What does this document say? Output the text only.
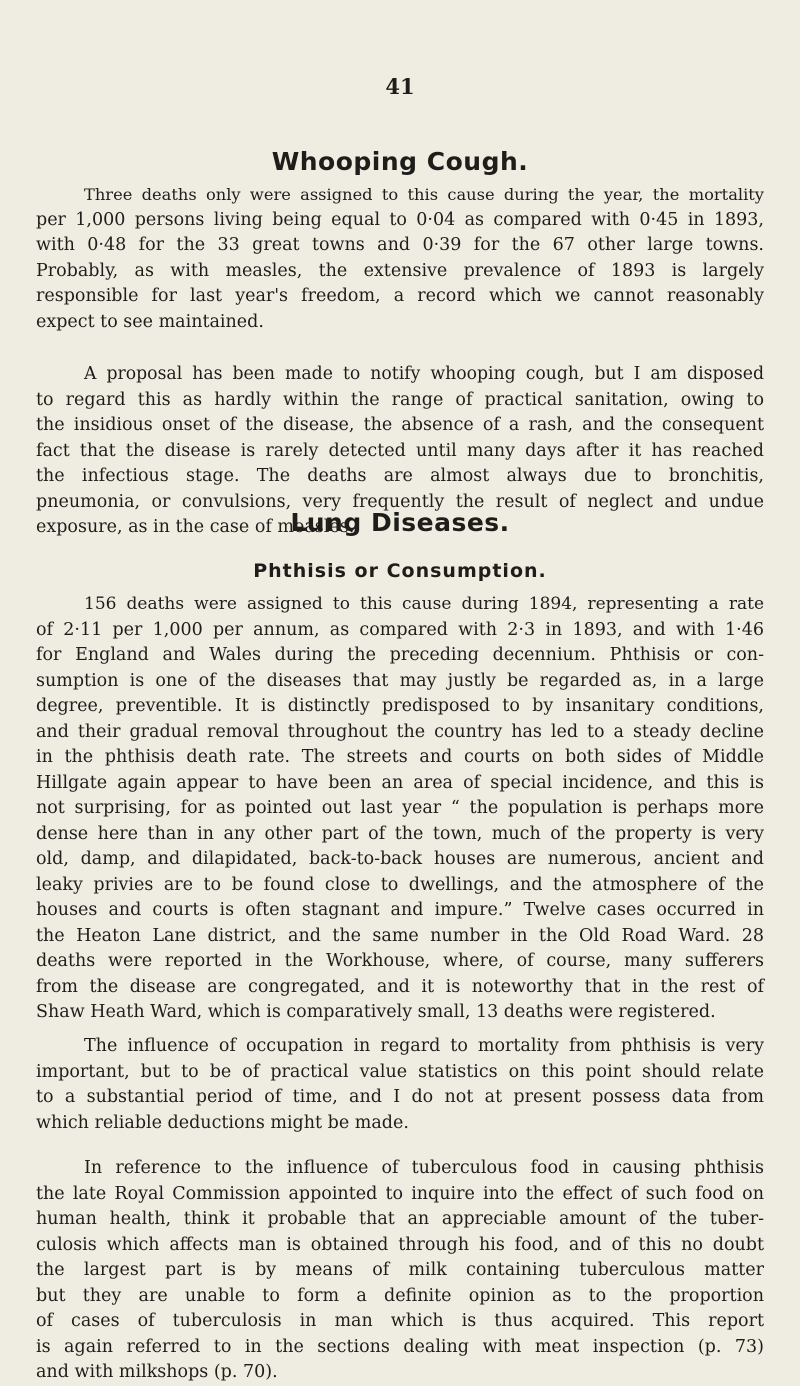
41
Whooping Cough.
Three deaths only were assigned to this cause during the year, the mortality
per 1,000 persons living being equal to 0·04 as compared with 0·45 in 1893,
with 0·48 for the 33 great towns and 0·39 for the 67 other large towns.
Probably, as with measles, the extensive prevalence of 1893 is largely
responsible for last year's freedom, a record which we cannot reasonably
expect to see maintained.
A proposal has been made to notify whooping cough, but I am disposed
to regard this as hardly within the range of practical sanitation, owing to
the insidious onset of the disease, the absence of a rash, and the consequent
fact that the disease is rarely detected until many days after it has reached
the infectious stage. The deaths are almost always due to bronchitis,
pneumonia, or convulsions, very frequently the result of neglect and undue
exposure, as in the case of measles.
Lung Diseases.
Phthisis or Consumption.
156 deaths were assigned to this cause during 1894, representing a rate
of 2·11 per 1,000 per annum, as compared with 2·3 in 1893, and with 1·46
for England and Wales during the preceding decennium. Phthisis or con-
sumption is one of the diseases that may justly be regarded as, in a large
degree, preventible. It is distinctly predisposed to by insanitary conditions,
and their gradual removal throughout the country has led to a steady decline
in the phthisis death rate. The streets and courts on both sides of Middle
Hillgate again appear to have been an area of special incidence, and this is
not surprising, for as pointed out last year “ the population is perhaps more
dense here than in any other part of the town, much of the property is very
old, damp, and dilapidated, back-to-back houses are numerous, ancient and
leaky privies are to be found close to dwellings, and the atmosphere of the
houses and courts is often stagnant and impure.” Twelve cases occurred in
the Heaton Lane district, and the same number in the Old Road Ward. 28
deaths were reported in the Workhouse, where, of course, many sufferers
from the disease are congregated, and it is noteworthy that in the rest of
Shaw Heath Ward, which is comparatively small, 13 deaths were registered.
The influence of occupation in regard to mortality from phthisis is very
important, but to be of practical value statistics on this point should relate
to a substantial period of time, and I do not at present possess data from
which reliable deductions might be made.
In reference to the influence of tuberculous food in causing phthisis
the late Royal Commission appointed to inquire into the effect of such food on
human health, think it probable that an appreciable amount of the tuber-
culosis which affects man is obtained through his food, and of this no doubt
the largest part is by means of milk containing tuberculous matter
but they are unable to form a definite opinion as to the proportion
of cases of tuberculosis in man which is thus acquired. This report
is again referred to in the sections dealing with meat inspection (p. 73)
and with milkshops (p. 70).
